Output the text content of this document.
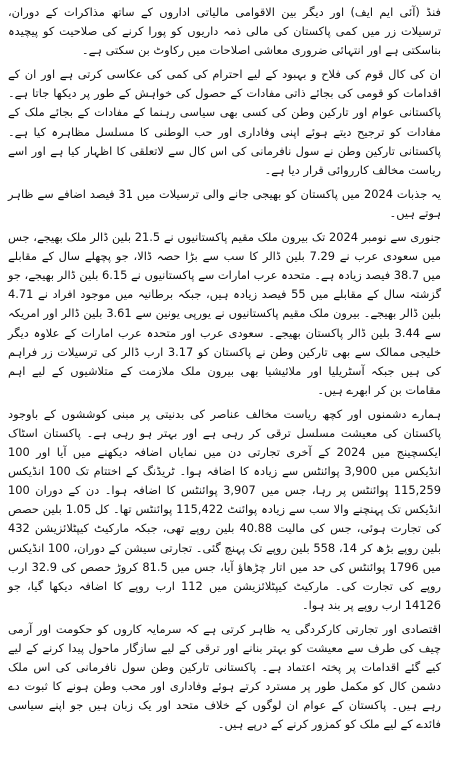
فنڈ (آئی ایم ایف) اور دیگر بین الاقوامی مالیاتی اداروں کے ساتھ مذاکرات کے دوران، ترسیلات زر میں کمی پاکستان کی مالی ذمہ داریوں کو پورا کرنے کی صلاحیت کو پیچیدہ بناسکتی ہے اور انتہائی ضروری معاشی اصلاحات میں رکاوٹ بن سکتی ہے۔

ان کی کال قوم کی فلاح و بہبود کے لیے احترام کی کمی کی عکاسی کرتی ہے اور ان کے اقدامات کو قومی کی بجائے ذاتی مفادات کے حصول کی خواہش کے طور پر دیکھا جاتا ہے۔ پاکستانی عوام اور تارکین وطن کی کسی بھی سیاسی رہنما کے مفادات کے بجائے ملک کے مفادات کو ترجیح دیتے ہوئے اپنی وفاداری اور حب الوطنی کا مسلسل مظاہرہ کیا ہے۔ پاکستانی تارکین وطن نے سول نافرمانی کی اس کال سے لاتعلقی کا اظہار کیا ہے اور اسے ریاست مخالف کارروائی قرار دیا ہے۔

یہ جذبات 2024 میں پاکستان کو بھیجی جانے والی ترسیلات میں 31 فیصد اضافے سے ظاہر ہوتے ہیں۔

جنوری سے نومبر 2024 تک بیرون ملک مقیم پاکستانیوں نے 21.5 بلین ڈالر ملک بھیجے، جس میں سعودی عرب نے 7.29 بلین ڈالر کا سب سے بڑا حصہ ڈالا، جو پچھلے سال کے مقابلے میں 38.7 فیصد زیادہ ہے۔ متحدہ عرب امارات سے پاکستانیوں نے 6.15 بلین ڈالر بھیجے، جو گزشتہ سال کے مقابلے میں 55 فیصد زیادہ ہیں، جبکہ برطانیہ میں موجود افراد نے 4.71 بلین ڈالر بھیجے۔ بیرون ملک مقیم پاکستانیوں نے یورپی یونین سے 3.61 بلین ڈالر اور امریکہ سے 3.44 بلین ڈالر پاکستان بھیجے۔ سعودی عرب اور متحدہ عرب امارات کے علاوہ دیگر خلیجی ممالک سے بھی تارکین وطن نے پاکستان کو 3.17 ارب ڈالر کی ترسیلات زر فراہم کی ہیں جبکہ آسٹریلیا اور ملائیشیا بھی بیرون ملک ملازمت کے متلاشیوں کے لیے اہم مقامات بن کر ابھرے ہیں۔

ہمارے دشمنوں اور کچھ ریاست مخالف عناصر کی بدنیتی پر مبنی کوششوں کے باوجود پاکستان کی معیشت مسلسل ترقی کر رہی ہے اور بہتر ہو رہی ہے۔ پاکستان اسٹاک ایکسچینج میں 2024 کے آخری تجارتی دن میں نمایاں اضافہ دیکھنے میں آیا اور 100 انڈیکس میں 3,900 پوائنٹس سے زیادہ کا اضافہ ہوا۔ ٹریڈنگ کے اختتام تک 100 انڈیکس 115,259 پوائنٹس پر رہا، جس میں 3,907 پوائنٹس کا اضافہ ہوا۔ دن کے دوران 100 انڈیکس تک پہنچنے والا سب سے زیادہ پوائنٹ 115,422 پوائنٹس تھا۔ کل 1.05 بلین حصص کی تجارت ہوئی، جس کی مالیت 40.88 بلین روپے تھی، جبکہ مارکیٹ کیپٹلائزیشن 432 بلین روپے بڑھ کر 14، 558 بلین روپے تک پہنچ گئی۔ تجارتی سیشن کے دوران، 100 انڈیکس میں 1796 پوائنٹس کی حد میں اتار چڑھاؤ آیا، جس میں 81.5 کروڑ حصص کی 32.9 ارب روپے کی تجارت کی۔ مارکیٹ کیپٹلائزیشن میں 112 ارب روپے کا اضافہ دیکھا گیا، جو 14126 ارب روپے پر بند ہوا۔

اقتصادی اور تجارتی کارکردگی یہ ظاہر کرتی ہے کہ سرمایہ کاروں کو حکومت اور آرمی چیف کی طرف سے معیشت کو بہتر بنانے اور ترقی کے لیے سازگار ماحول پیدا کرنے کے لیے کیے گئے اقدامات پر پختہ اعتماد ہے۔ پاکستانی تارکین وطن سول نافرمانی کی اس ملک دشمن کال کو مکمل طور پر مسترد کرتے ہوئے وفاداری اور محب وطن ہونے کا ثبوت دے رہے ہیں۔ پاکستان کے عوام ان لوگوں کے خلاف متحد اور یک زبان ہیں جو اپنے سیاسی فائدے کے لیے ملک کو کمزور کرنے کے درپے ہیں۔
